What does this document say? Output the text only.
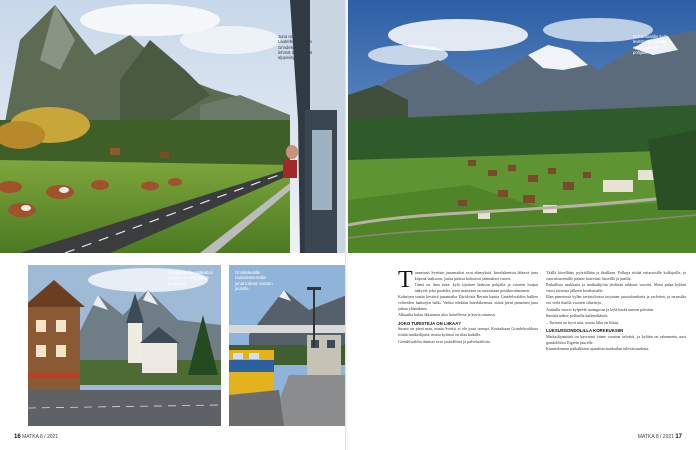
Juna on matkalla Lauterbrunnenista Grindelwaldiin ja lehmät laiduntavat alppiniityillä.
Grindelwaldin pääkadun varrella on hotelleja ja kauppoja.
Grindelwaldin rautatieasemalla junat tulevat vuorten juurelle.
16 MATKA 8 / 2021
Grindelwaldin kylä levittäytyy vuorten syliin laakson pohjalle.

Tunnetusti Sveitsin junamatkat ovat elämyksiä. Interlakenista lähtevä juna kiipeää laaksoon, jonka päässä kohoavat jättimäiset vuoret.

Tämä on ihan totta: kylä sijaitsee laakson pohjalla ja vuorten huiput näkyvät joka puolelta, joten maisema on suorastaan postikorttimainen.

Kolmisen tuntia kestävä junamatka Zürichistä Bernin kautta Grindelwaldiin kulkee vehreiden laaksojen halki. Vaihto tehdään Interlakenissa, mistä pieni punainen juna jatkaa ylämäkeen.

Alkuaika kuluu ikkunasta ulos katsellessa ja kuvia ottaessa.

JOKO TURISTEJA ON LIIKAA?

Suomi on pieni maa, mutta Sveitsi ei ole juuri isompi. Kesäaikaan Grindelwaldissa riittää matkailijoita, mutta kylässä on tilaa kaikille.

Grindelwaldin ihmiset ovat ystävällisiä ja palvelualttiita.

Täällä kävellään, pyöräillään ja ihaillaan. Polkuja riittää eritasoisille kulkijoille, ja vuoristoasemille pääsee kätevästi hisseillä ja junilla.

Paikallisia asukkaita ja matkailijoita yhdistää rakkaus vuoriin. Moni palaa kylään vuosi toisensa jälkeen kesälomalle.

Illan pimetessä kylän ravintoloissa tarjotaan juustofondueta ja raclettea, ja terassilta voi vielä ihailla vuorten siluetteja.

Aamulla vuoret kylpevät auringossa ja kylä herää uuteen päivään.

Ihmisiä näkee polkuilla kaikenikäisiä.

– Turismi on hyvä asia, mutta liika on liikaa.

LUKSUSGONDOLILLA KORKEUKSIIN

Matkailijamäärä on kasvanut viime vuosina selvästi, ja kylään on rakennettu uusi gondolihissi Eigerin juurelle.

Kuuntelemme paikallisten ajatuksia matkailun tulevaisuudesta.

MATKA 8 / 2021 17
